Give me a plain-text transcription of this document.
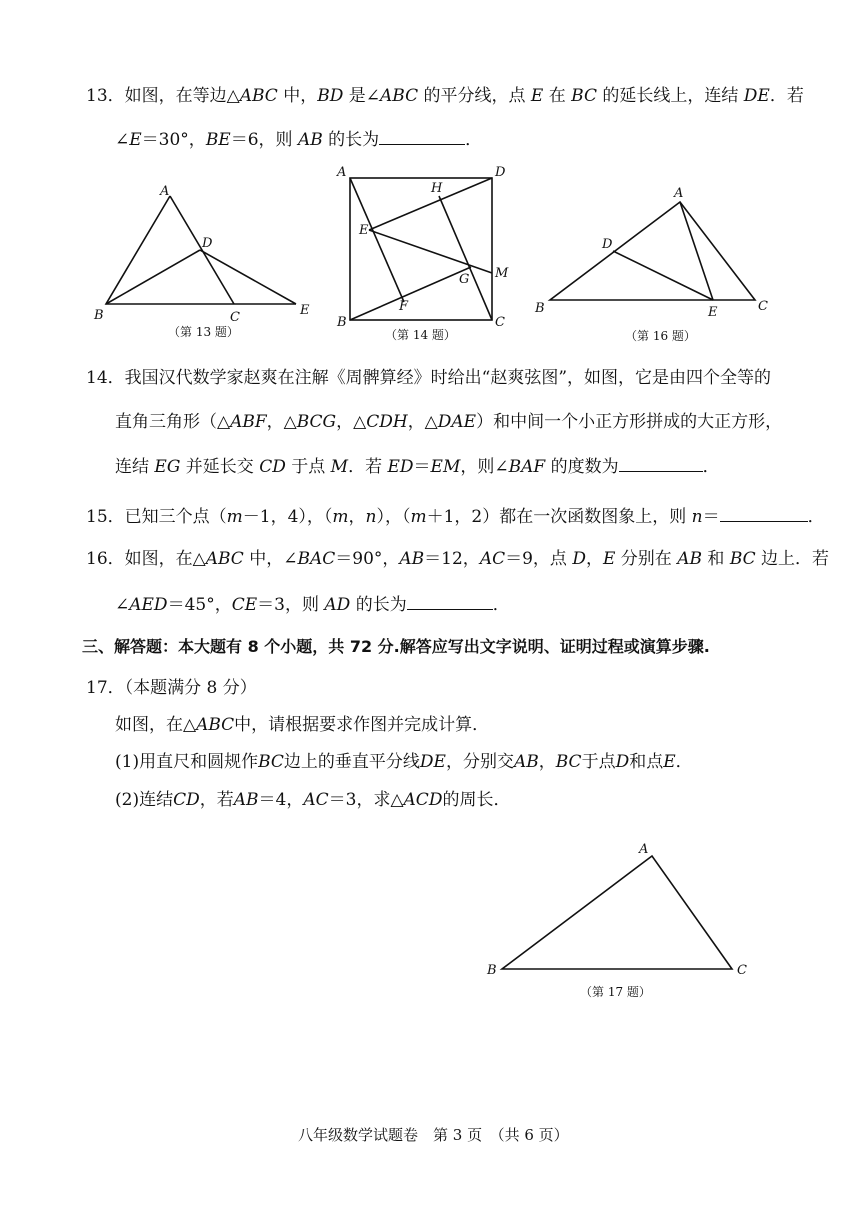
13．如图，在等边△ABC 中，BD 是∠ABC 的平分线，点 E 在 BC 的延长线上，连结 DE．若
∠E＝30°，BE＝6，则 AB 的长为	．
A
B	C
D
E
（第 13 题）
A	D
B	C
H
E
G M
F
（第 14 题）
A
D
B	E	C
（第 16 题）
14．我国汉代数学家赵爽在注解《周髀算经》时给出“赵爽弦图”，如图，它是由四个全等的
直角三角形（△ABF，△BCG，△CDH，△DAE）和中间一个小正方形拼成的大正方形，
连结 EG 并延长交 CD 于点 M．若 ED＝EM，则∠BAF 的度数为	．
15．已知三个点（m－1，4），（m，n），（m＋1，2）都在一次函数图象上，则 n＝	．
16．如图，在△ABC 中，∠BAC＝90°，AB＝12，AC＝9，点 D，E 分别在 AB 和 BC 边上．若
∠AED＝45°，CE＝3，则 AD 的长为	．
三、解答题：本大题有 8 个小题，共 72 分.解答应写出文字说明、证明过程或演算步骤.
17．（本题满分 8 分）
如图，在△ABC中，请根据要求作图并完成计算．
(1)用直尺和圆规作BC边上的垂直平分线DE，分别交AB，BC于点D和点E．
(2)连结CD，若AB＝4，AC＝3，求△ACD的周长．
A
B	C
（第 17 题）
八年级数学试题卷　第 3 页　（共 6 页）
